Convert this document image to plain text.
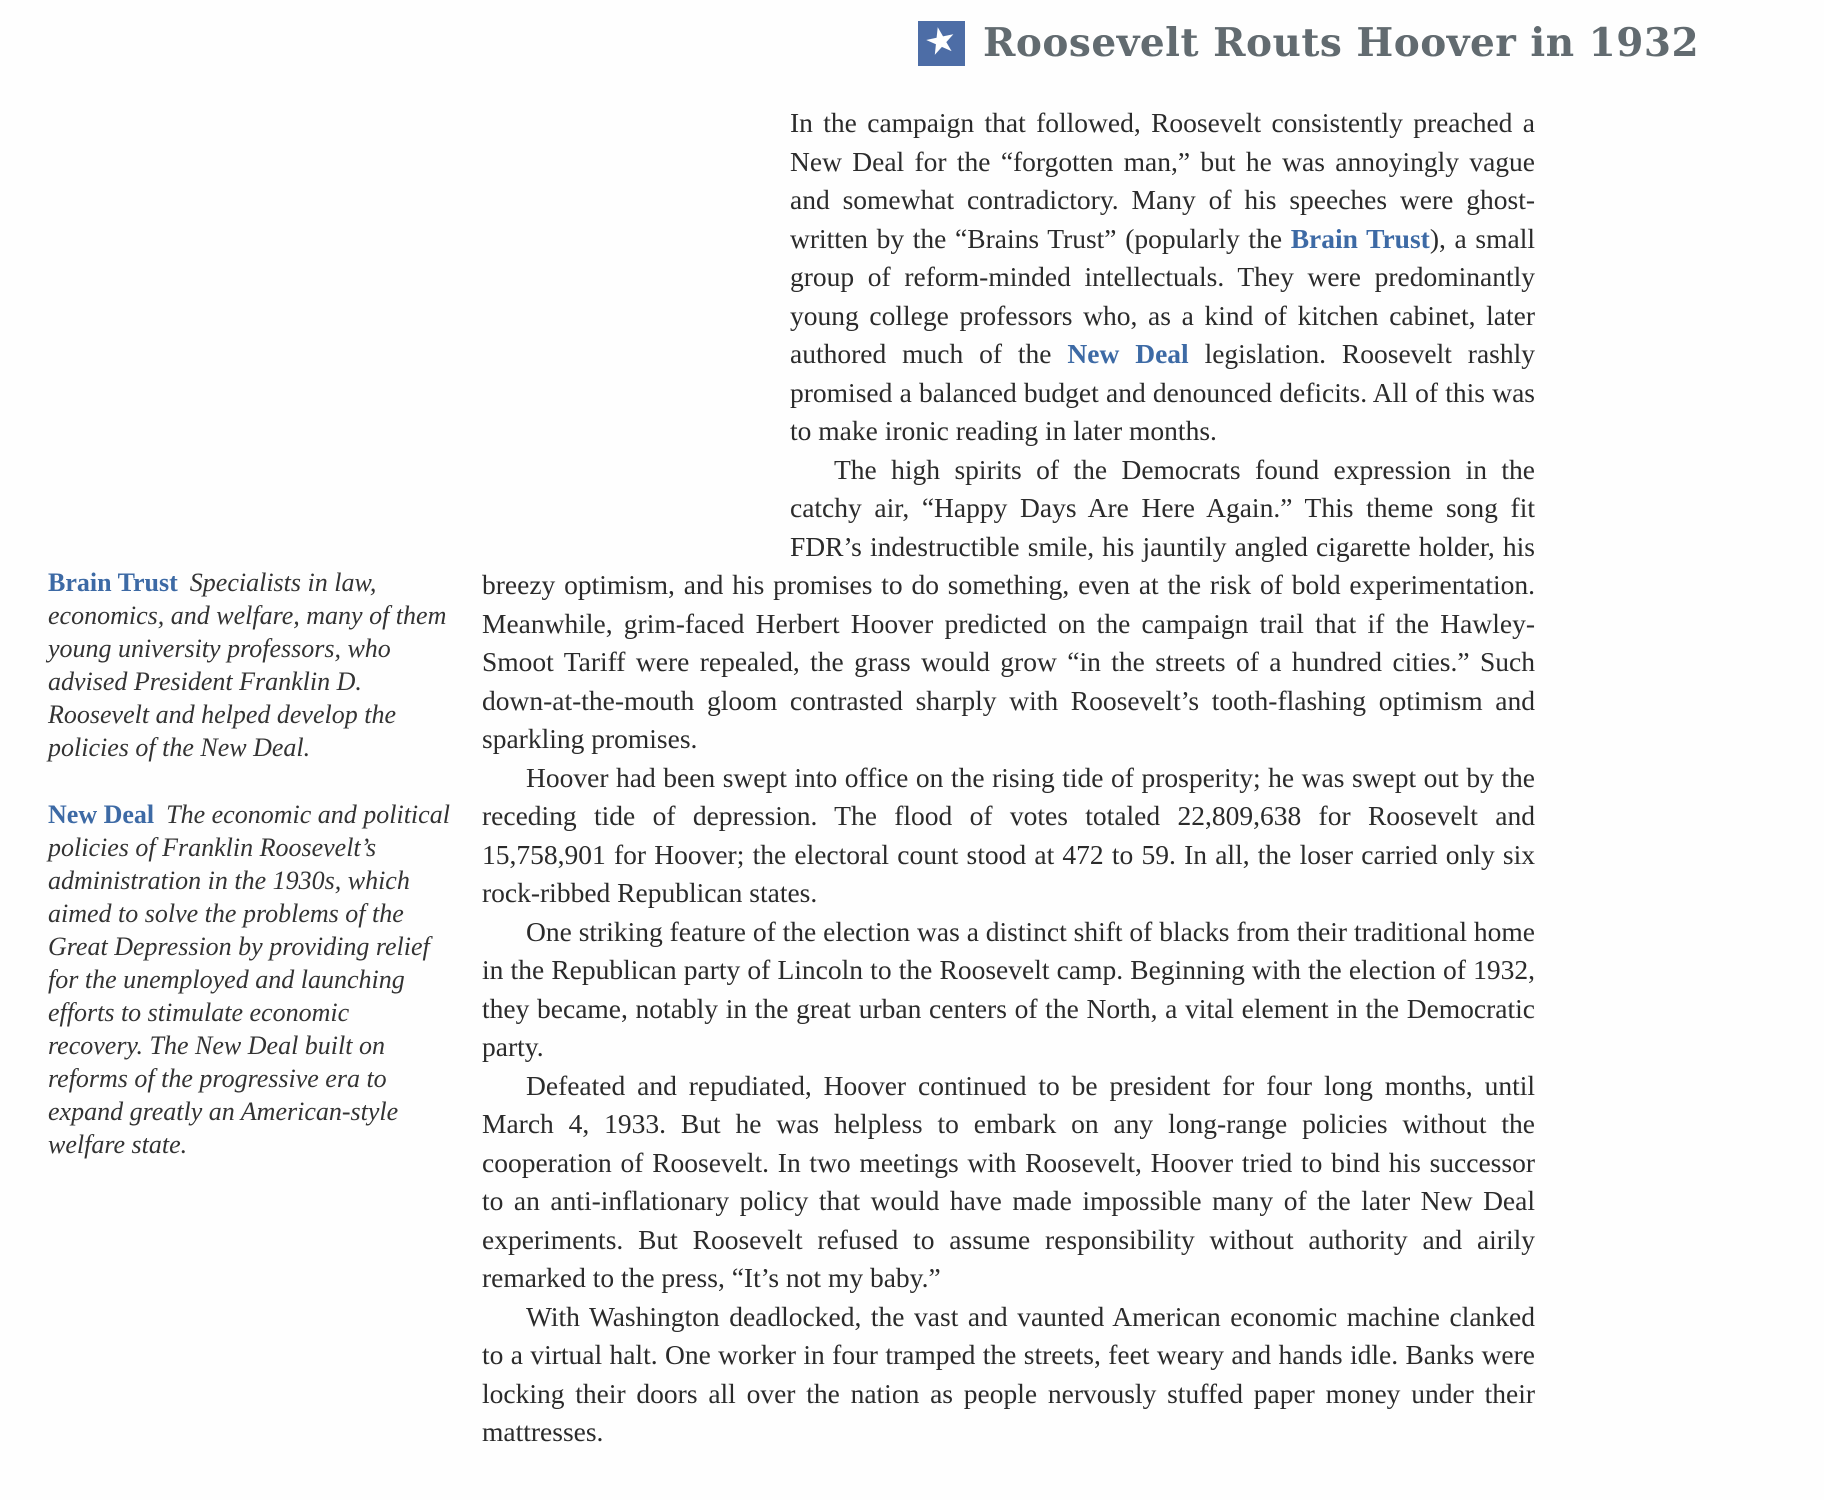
Brain Trust Specialists in law, economics, and welfare, many of them young university professors, who advised President Franklin D. Roosevelt and helped develop the policies of the New Deal.

New Deal The economic and political policies of Franklin Roosevelt’s administration in the 1930s, which aimed to solve the problems of the Great Depression by providing relief for the unemployed and launching efforts to stimulate economic recovery. The New Deal built on reforms of the progressive era to expand greatly an American-style welfare state.

★ Roosevelt Routs Hoover in 1932

In the campaign that followed, Roosevelt consistently preached a New Deal for the “forgotten man,” but he was annoyingly vague and somewhat contradictory. Many of his speeches were ghost-written by the “Brains Trust” (popularly the Brain Trust), a small group of reform-minded intellectuals. They were predominantly young college professors who, as a kind of kitchen cabinet, later authored much of the New Deal legislation. Roosevelt rashly promised a balanced budget and denounced deficits. All of this was to make ironic reading in later months.

The high spirits of the Democrats found expression in the catchy air, “Happy Days Are Here Again.” This theme song fit FDR’s indestructible smile, his jauntily angled cigarette holder, his breezy optimism, and his promises to do something, even at the risk of bold experimentation. Meanwhile, grim-faced Herbert Hoover predicted on the campaign trail that if the Hawley-Smoot Tariff were repealed, the grass would grow “in the streets of a hundred cities.” Such down-at-the-mouth gloom contrasted sharply with Roosevelt’s tooth-flashing optimism and sparkling promises.

Hoover had been swept into office on the rising tide of prosperity; he was swept out by the receding tide of depression. The flood of votes totaled 22,809,638 for Roosevelt and 15,758,901 for Hoover; the electoral count stood at 472 to 59. In all, the loser carried only six rock-ribbed Republican states.

One striking feature of the election was a distinct shift of blacks from their traditional home in the Republican party of Lincoln to the Roosevelt camp. Beginning with the election of 1932, they became, notably in the great urban centers of the North, a vital element in the Democratic party.

Defeated and repudiated, Hoover continued to be president for four long months, until March 4, 1933. But he was helpless to embark on any long-range policies without the cooperation of Roosevelt. In two meetings with Roosevelt, Hoover tried to bind his successor to an anti-inflationary policy that would have made impossible many of the later New Deal experiments. But Roosevelt refused to assume responsibility without authority and airily remarked to the press, “It’s not my baby.”

With Washington deadlocked, the vast and vaunted American economic machine clanked to a virtual halt. One worker in four tramped the streets, feet weary and hands idle. Banks were locking their doors all over the nation as people nervously stuffed paper money under their mattresses.
